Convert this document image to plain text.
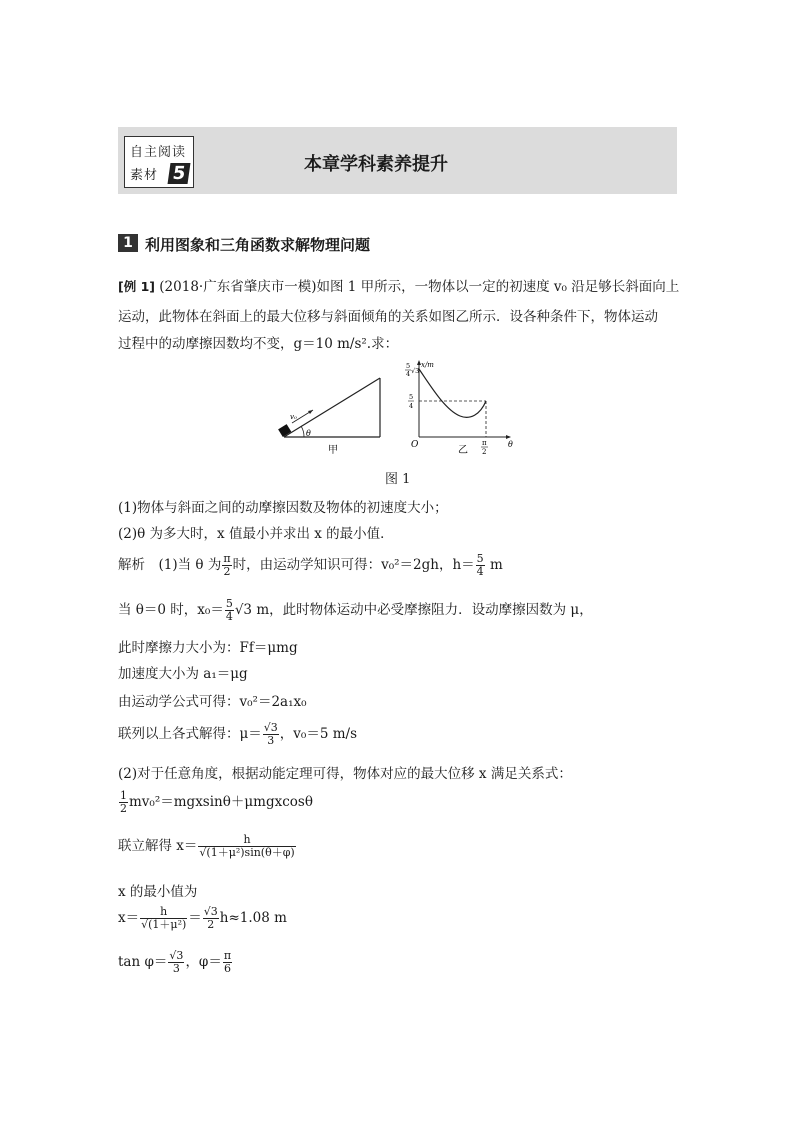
自主阅读
素材 5	本章学科素养提升
1 利用图象和三角函数求解物理问题
[例 1] (2018·广东省肇庆市一模)如图 1 甲所示，一物体以一定的初速度 v₀ 沿足够长斜面向上
运动，此物体在斜面上的最大位移与斜面倾角的关系如图乙所示．设各种条件下，物体运动
过程中的动摩擦因数均不变，g＝10 m/s².求：
v₀
θ
甲
x/m
5
4 √3
5
4
O	π
2
θ
乙
图 1
(1)物体与斜面之间的动摩擦因数及物体的初速度大小；
(2)θ 为多大时，x 值最小并求出 x 的最小值．
解析　(1)当 θ 为 $\frac{\pi}{2}$ 时，由运动学知识可得：v₀²＝2gh，$h= \frac{5}{4}$ m
当 θ＝0 时，$x_0= \frac{5}{4} √3$ m，此时物体运动中必受摩擦阻力．设动摩擦因数为 μ，
此时摩擦力大小为：Ff＝μmg
加速度大小为 a₁＝μg
由运动学公式可得：v₀²＝2a₁x₀
联列以上各式解得：$\mu= \frac{√3}{3}$ ，v₀＝5 m/s
(2)对于任意角度，根据动能定理可得，物体对应的最大位移 x 满足关系式：
$\frac{1}{2} mv_0^2=mgxsin\theta+\mu mgxcos\theta$
联立解得 $x= \frac{h}{\text{√(1＋μ²)sin(θ＋φ)}}$
x 的最小值为
$x= \frac{h}{\text{√(1＋μ²)}} = \frac{√3}{2} h\approx 1.08$ m
$\tan \varphi= \frac{√3}{3}$ ，$\varphi= \frac{\pi}{6}$
